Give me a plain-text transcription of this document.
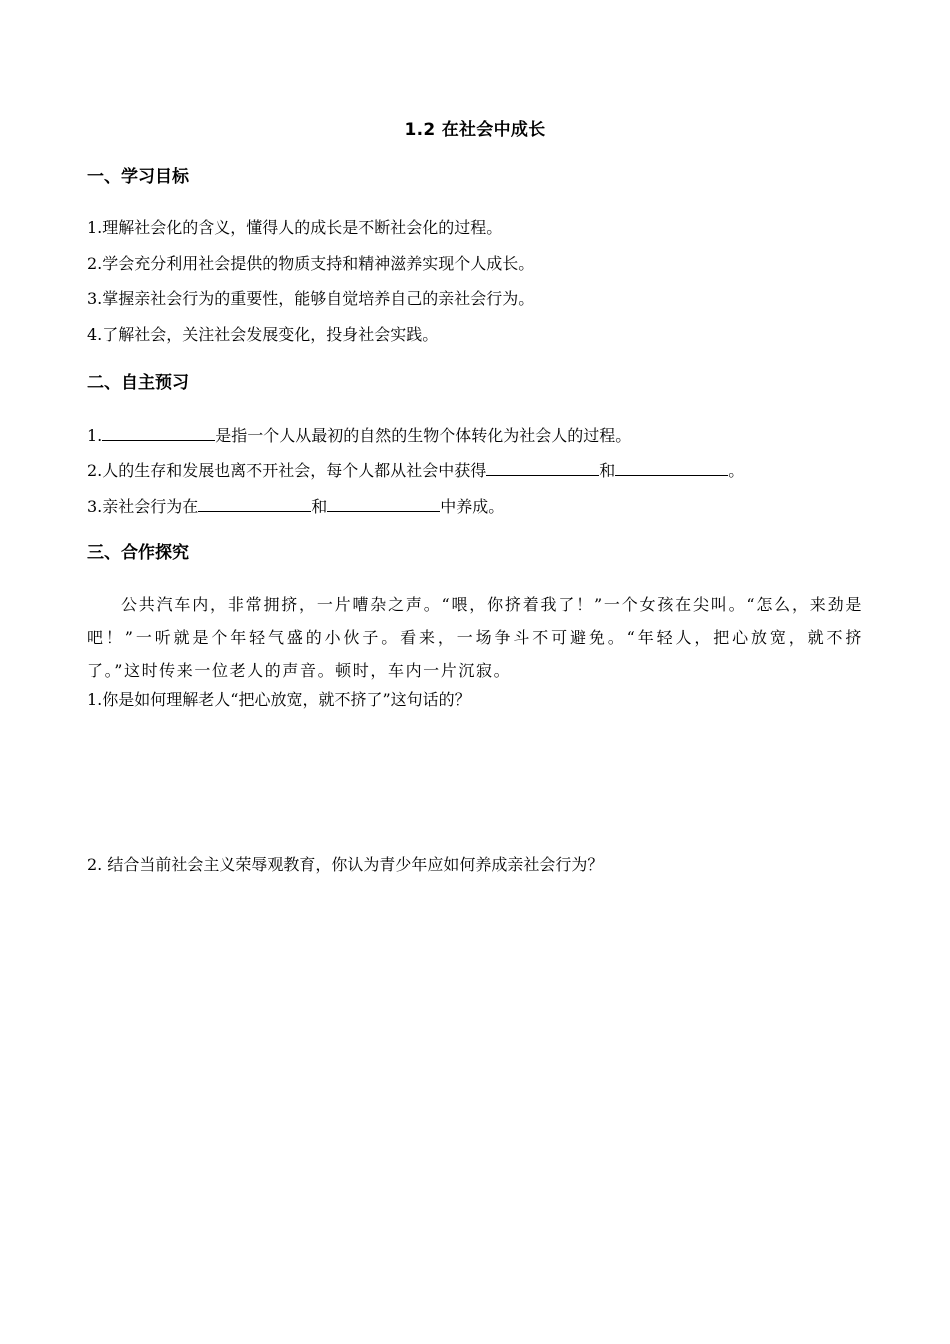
1.2 在社会中成长
一、学习目标
1.理解社会化的含义，懂得人的成长是不断社会化的过程。
2.学会充分利用社会提供的物质支持和精神滋养实现个人成长。
3.掌握亲社会行为的重要性，能够自觉培养自己的亲社会行为。
4.了解社会，关注社会发展变化，投身社会实践。
二、自主预习
1.	是指一个人从最初的自然的生物个体转化为社会人的过程。
2.人的生存和发展也离不开社会，每个人都从社会中获得	和	。
3.亲社会行为在	和	中养成。
三、合作探究
公共汽车内，非常拥挤，一片嘈杂之声。“喂，你挤着我了！”一个女孩在尖叫。“怎么，来劲是吧！”一听就是个年轻气盛的小伙子。看来，一场争斗不可避免。“年轻人，把心放宽，就不挤了。”这时传来一位老人的声音。顿时，车内一片沉寂。
1.你是如何理解老人“把心放宽，就不挤了”这句话的？
2. 结合当前社会主义荣辱观教育，你认为青少年应如何养成亲社会行为？
